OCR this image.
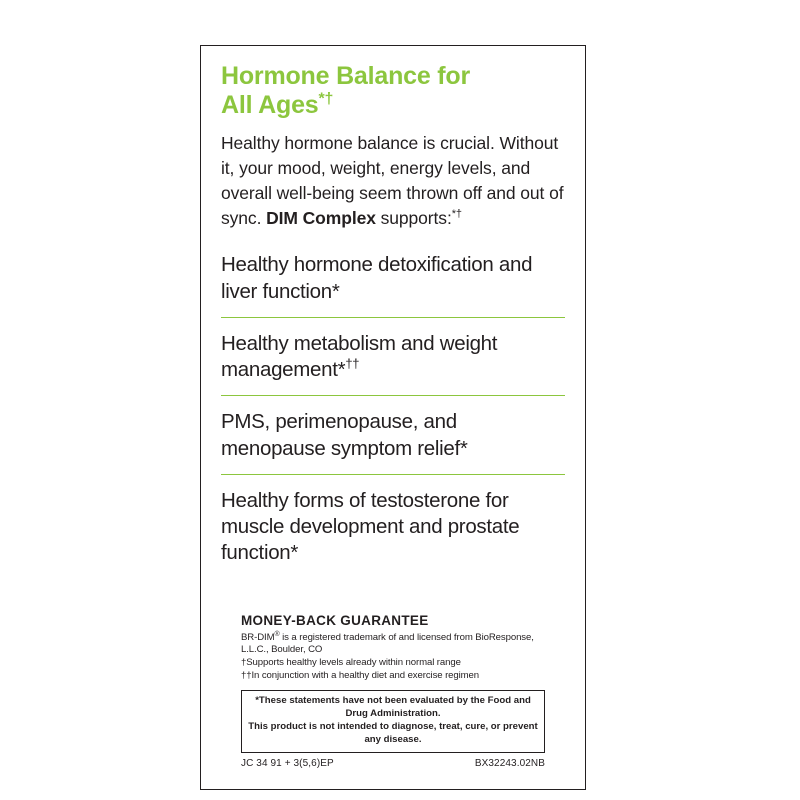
Hormone Balance for
All Ages*†

Healthy hormone balance is crucial. Without it, your mood, weight, energy levels, and overall well-being seem thrown off and out of sync. DIM Complex supports:*†

Healthy hormone detoxification and liver function*
Healthy metabolism and weight management*††
PMS, perimenopause, and menopause symptom relief*
Healthy forms of testosterone for muscle development and prostate function*
MONEY-BACK GUARANTEE
BR-DIM® is a registered trademark of and licensed from BioResponse, L.L.C., Boulder, CO
†Supports healthy levels already within normal range
††In conjunction with a healthy diet and exercise regimen
*These statements have not been evaluated by the Food and Drug Administration.
This product is not intended to diagnose, treat, cure, or prevent any disease.
JC 34 91 + 3(5,6)EP	BX32243.02NB
